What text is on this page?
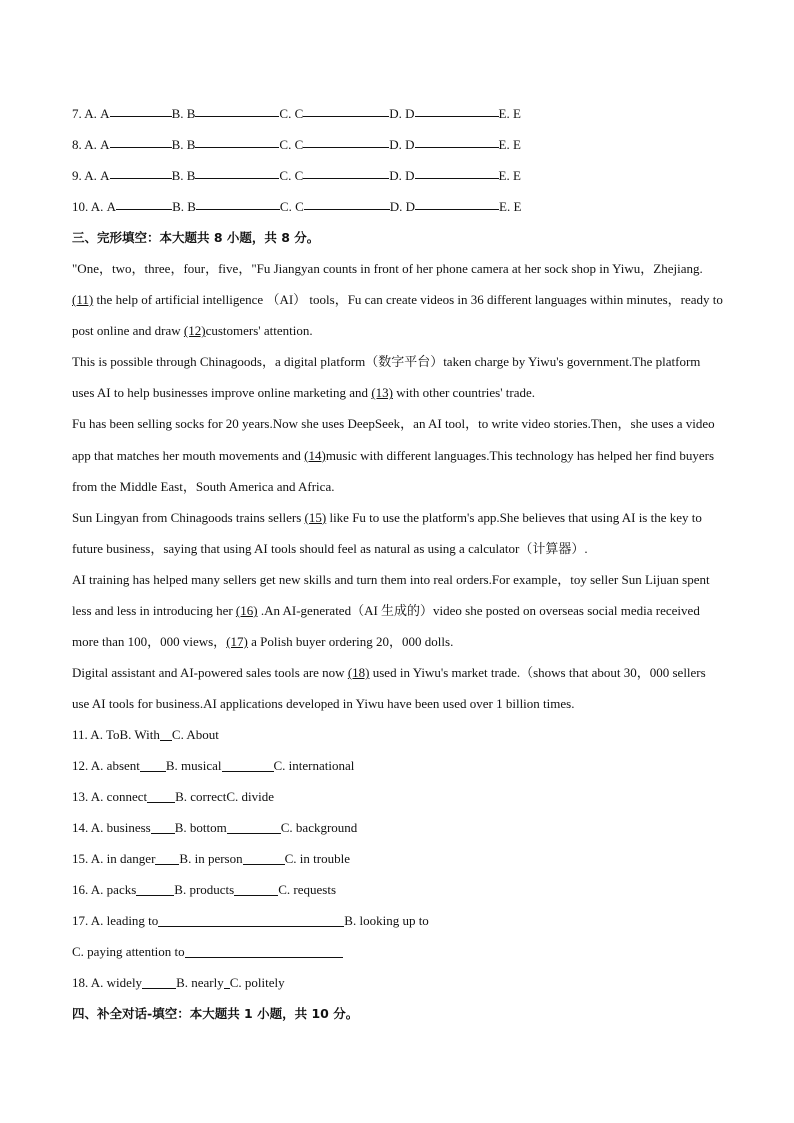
7. A.
A	B. B	C. C	D. D	E. E
8. A.
A	B. B	C. C	D. D	E. E
9. A.
A	B. B	C. C	D. D	E. E
10. A.
A	B. B	C. C	D. D	E. E
三、完形填空：本大题共 8 小题，共 8 分。
"One，two，three，four，five，"Fu Jiangyan counts in front of her phone camera at her sock shop in Yiwu，Zhejiang. (11) the help of artificial intelligence （AI） tools，Fu can create videos in 36 different languages within minutes，ready to post online and draw (12)customers' attention.
This is possible through Chinagoods，a digital platform（数字平台）taken charge by Yiwu's government.The platform uses AI to help businesses improve online marketing and (13) with other countries' trade.
Fu has been selling socks for 20 years.Now she uses DeepSeek，an AI tool，to write video stories.Then，she uses a video app that matches her mouth movements and (14)music with different languages.This technology has helped her find buyers from the Middle East，South America and Africa.
Sun Lingyan from Chinagoods trains sellers (15) like Fu to use the platform's app.She believes that using AI is the key to future business，saying that using AI tools should feel as natural as using a calculator（计算器）.
AI training has helped many sellers get new skills and turn them into real orders.For example，toy seller Sun Lijuan spent less and less in introducing her (16) .An AI-generated（AI 生成的）video she posted on overseas social media received more than 100，000 views，(17) a Polish buyer ordering 20，000 dolls.
Digital assistant and AI-powered sales tools are now (18) used in Yiwu's market trade.（shows that about 30，000 sellers use AI tools for business.AI applications developed in Yiwu have been used over 1 billion times.
11. A. ToB. With C. About
12. A. absent B. musical	C. international
13. A. connect B. correctC. divide
14. A. business B. bottom	C. background
15. A. in danger B. in person	C. in trouble
16. A. packs	B. products	C. requests
17. A. leading to	B. looking up to
C. paying attention to
18. A. widely	B. nearly C. politely
四、补全对话-填空：本大题共 1 小题，共 10 分。
